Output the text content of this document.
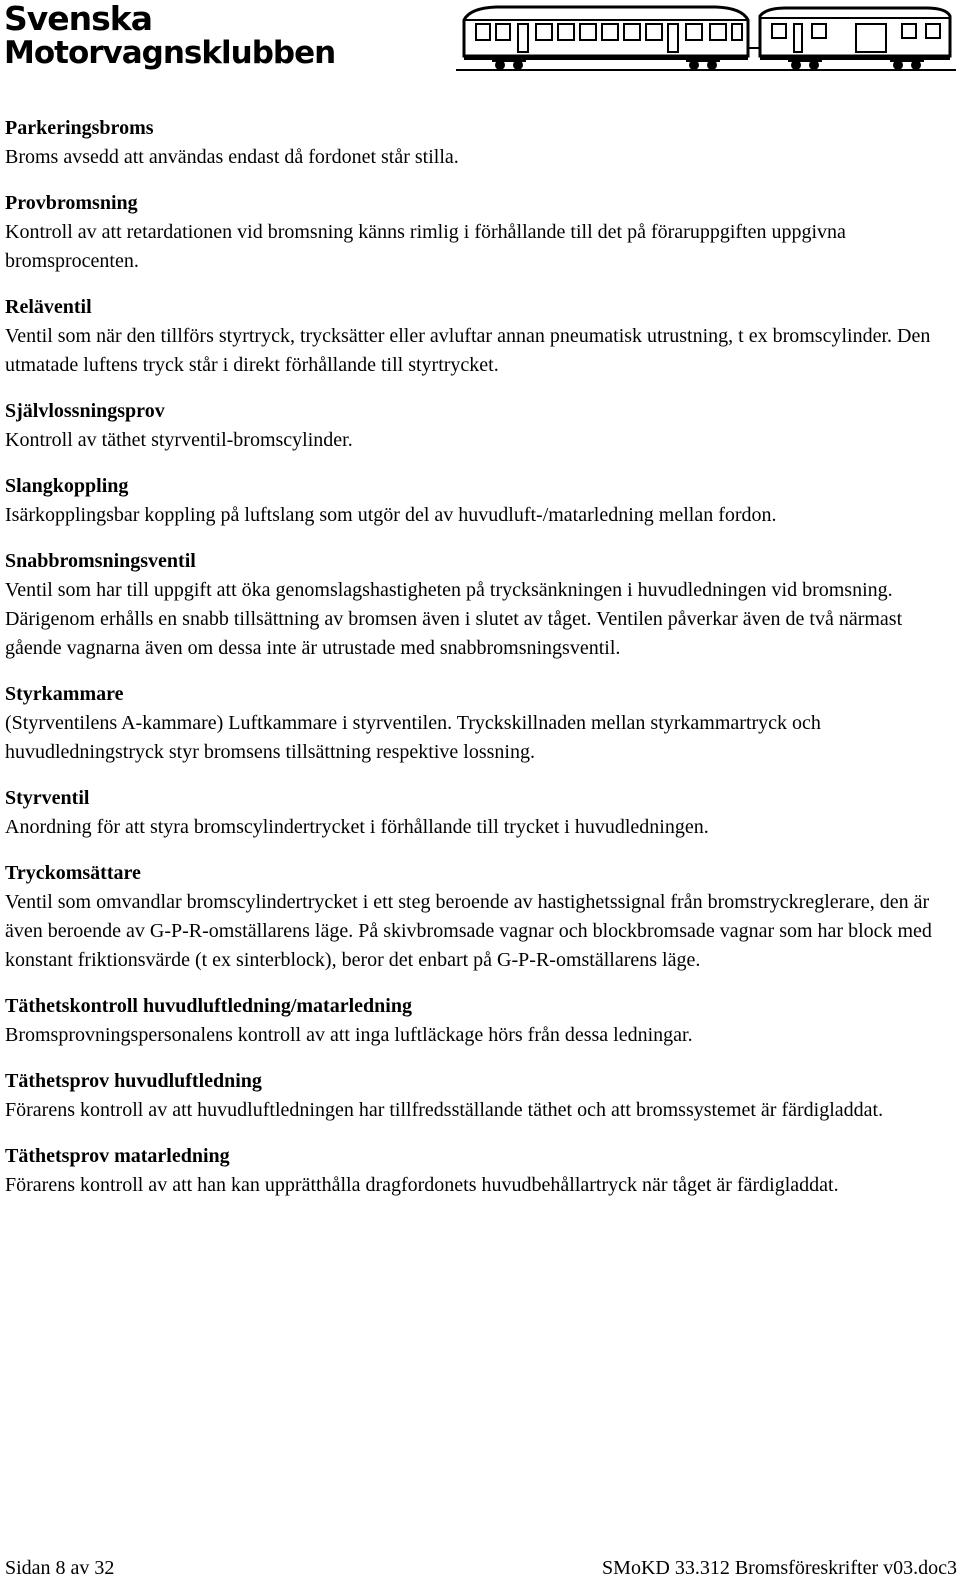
Svenska
Motorvagnsklubben

Parkeringsbroms

Broms avsedd att användas endast då fordonet står stilla.

Provbromsning

Kontroll av att retardationen vid bromsning känns rimlig i förhållande till det på föraruppgiften uppgivna bromsprocenten.

Reläventil

Ventil som när den tillförs styrtryck, trycksätter eller avluftar annan pneumatisk utrustning, t ex bromscylinder. Den utmatade luftens tryck står i direkt förhållande till styrtrycket.

Självlossningsprov

Kontroll av täthet styrventil-bromscylinder.

Slangkoppling

Isärkopplingsbar koppling på luftslang som utgör del av huvudluft-/matarledning mellan fordon.

Snabbromsningsventil

Ventil som har till uppgift att öka genomslagshastigheten på trycksänkningen i huvudledningen vid bromsning. Därigenom erhålls en snabb tillsättning av bromsen även i slutet av tåget. Ventilen påverkar även de två närmast gående vagnarna även om dessa inte är utrustade med snabbromsningsventil.

Styrkammare

(Styrventilens A-kammare) Luftkammare i styrventilen. Tryckskillnaden mellan styrkammartryck och huvudledningstryck styr bromsens tillsättning respektive lossning.

Styrventil

Anordning för att styra bromscylindertrycket i förhållande till trycket i huvudledningen.

Tryckomsättare

Ventil som omvandlar bromscylindertrycket i ett steg beroende av hastighetssignal från bromstryckreglerare, den är även beroende av G-P-R-omställarens läge. På skivbromsade vagnar och blockbromsade vagnar som har block med konstant friktionsvärde (t ex sinterblock), beror det enbart på G-P-R-omställarens läge.

Täthetskontroll huvudluftledning/matarledning

Bromsprovningspersonalens kontroll av att inga luftläckage hörs från dessa ledningar.

Täthetsprov huvudluftledning

Förarens kontroll av att huvudluftledningen har tillfredsställande täthet och att bromssystemet är färdigladdat.

Täthetsprov matarledning

Förarens kontroll av att han kan upprätthålla dragfordonets huvudbehållartryck när tåget är färdigladdat.

Sidan 8 av 32	SMoKD 33.312 Bromsföreskrifter v03.doc3
